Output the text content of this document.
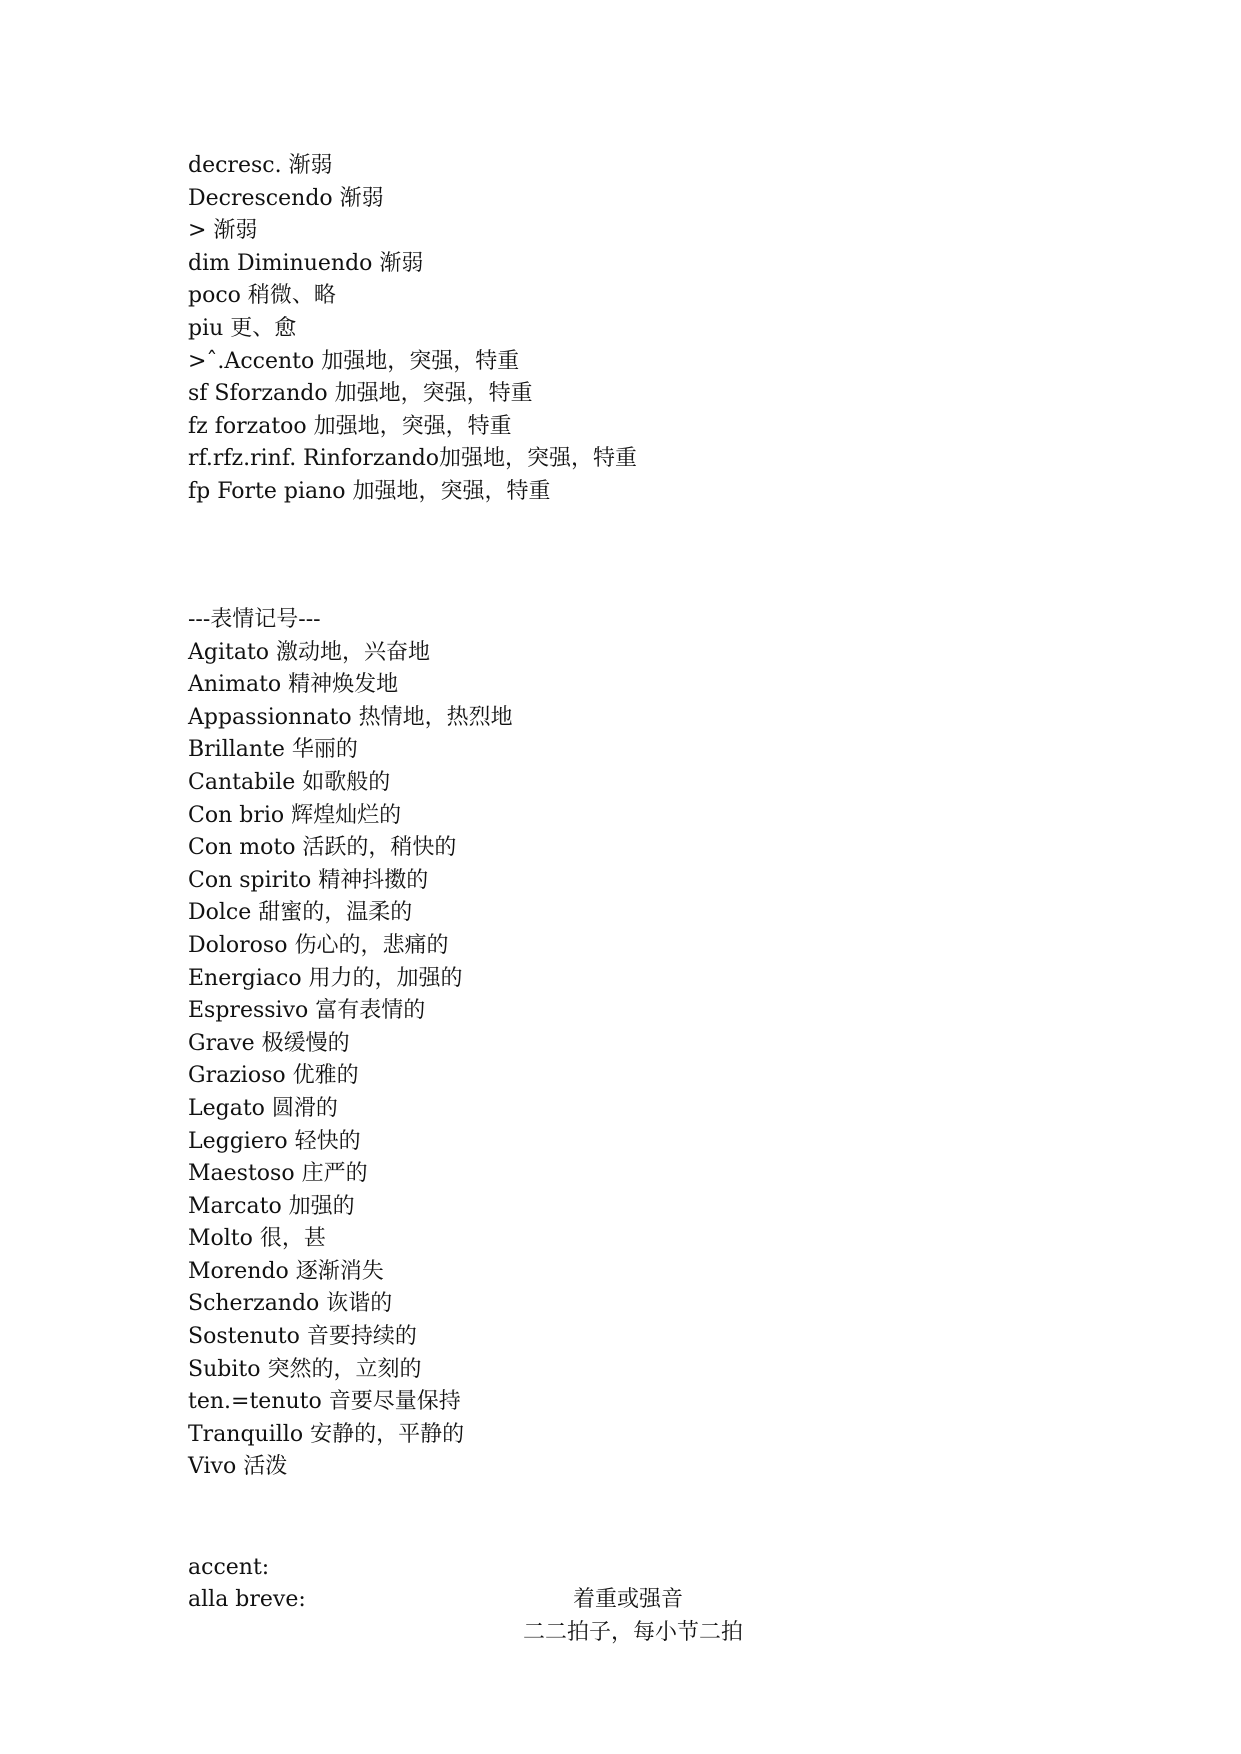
decresc. 渐弱
Decrescendo 渐弱
> 渐弱
dim Diminuendo 渐弱
poco 稍微、略
piu 更、愈
>ˆ.Accento 加强地，突强，特重
sf Sforzando 加强地，突强，特重
fz forzatoo 加强地，突强，特重
rf.rfz.rinf. Rinforzando加强地，突强，特重
fp Forte piano 加强地，突强，特重
---表情记号---
Agitato 激动地，兴奋地
Animato 精神焕发地
Appassionnato 热情地，热烈地
Brillante 华丽的
Cantabile 如歌般的
Con brio 辉煌灿烂的
Con moto 活跃的，稍快的
Con spirito 精神抖擞的
Dolce 甜蜜的，温柔的
Doloroso 伤心的，悲痛的
Energiaco 用力的，加强的
Espressivo 富有表情的
Grave 极缓慢的
Grazioso 优雅的
Legato 圆滑的
Leggiero 轻快的
Maestoso 庄严的
Marcato 加强的
Molto 很，甚
Morendo 逐渐消失
Scherzando 诙谐的
Sostenuto 音要持续的
Subito 突然的，立刻的
ten.=tenuto 音要尽量保持
Tranquillo 安静的，平静的
Vivo 活泼

accent:

着重或强音

alla breve:

二二拍子，每小节二拍
